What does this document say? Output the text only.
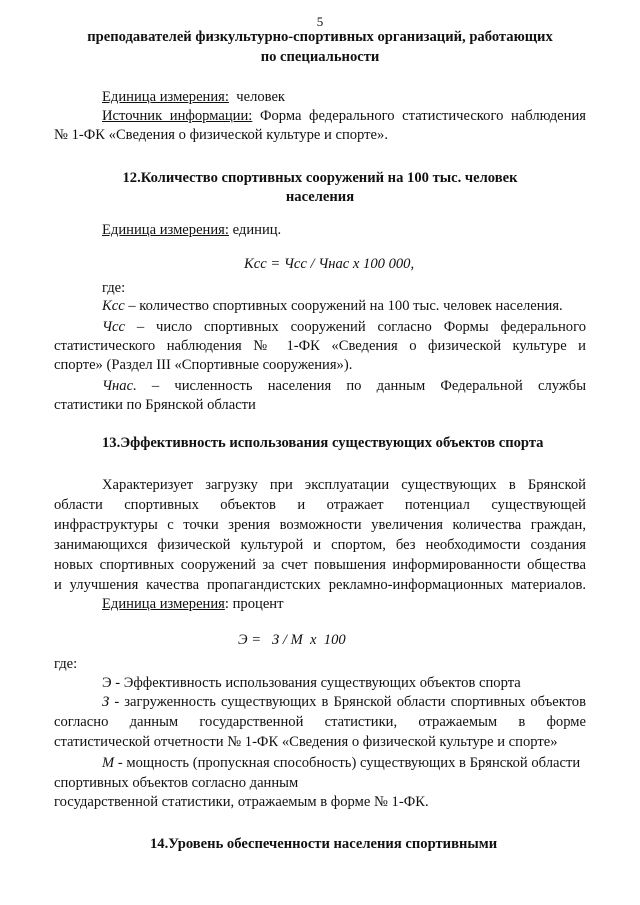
5
преподавателей физкультурно-спортивных организаций, работающих
по специальности
Единица измерения: человек
Источник информации: Форма федерального статистического наблюдения
№ 1-ФК «Сведения о физической культуре и спорте».
12.Количество спортивных сооружений на 100 тыс. человек
населения
Единица измерения: единиц.
Kсс = Чсс / Чнас х 100 000,
где:
Kсс – количество спортивных сооружений на 100 тыс. человек населения.
Чсс – число спортивных сооружений согласно Формы федерального
статистического наблюдения № 1-ФК «Сведения о физической культуре и
спорте» (Раздел III «Спортивные сооружения»).
Чнас. – численность населения по данным Федеральной службы
статистики по Брянской области
13.Эффективность использования существующих объектов спорта
Характеризует загрузку при эксплуатации существующих в Брянской
области спортивных объектов и отражает потенциал существующей
инфраструктуры с точки зрения возможности увеличения количества граждан,
занимающихся физической культурой и спортом, без необходимости создания
новых спортивных сооружений за счет повышения информированности общества
и улучшения качества пропагандистских рекламно-информационных материалов.
Единица измерения: процент
Э =   З / М  х  100
где:
Э - Эффективность использования существующих объектов спорта
З - загруженность существующих в Брянской области спортивных объектов
согласно данным государственной статистики, отражаемым в форме
статистической отчетности № 1-ФК «Сведения о физической культуре и спорте»
М - мощность (пропускная способность) существующих в Брянской области
спортивных объектов согласно данным
государственной статистики, отражаемым в форме № 1-ФК.
14.Уровень обеспеченности населения спортивными
